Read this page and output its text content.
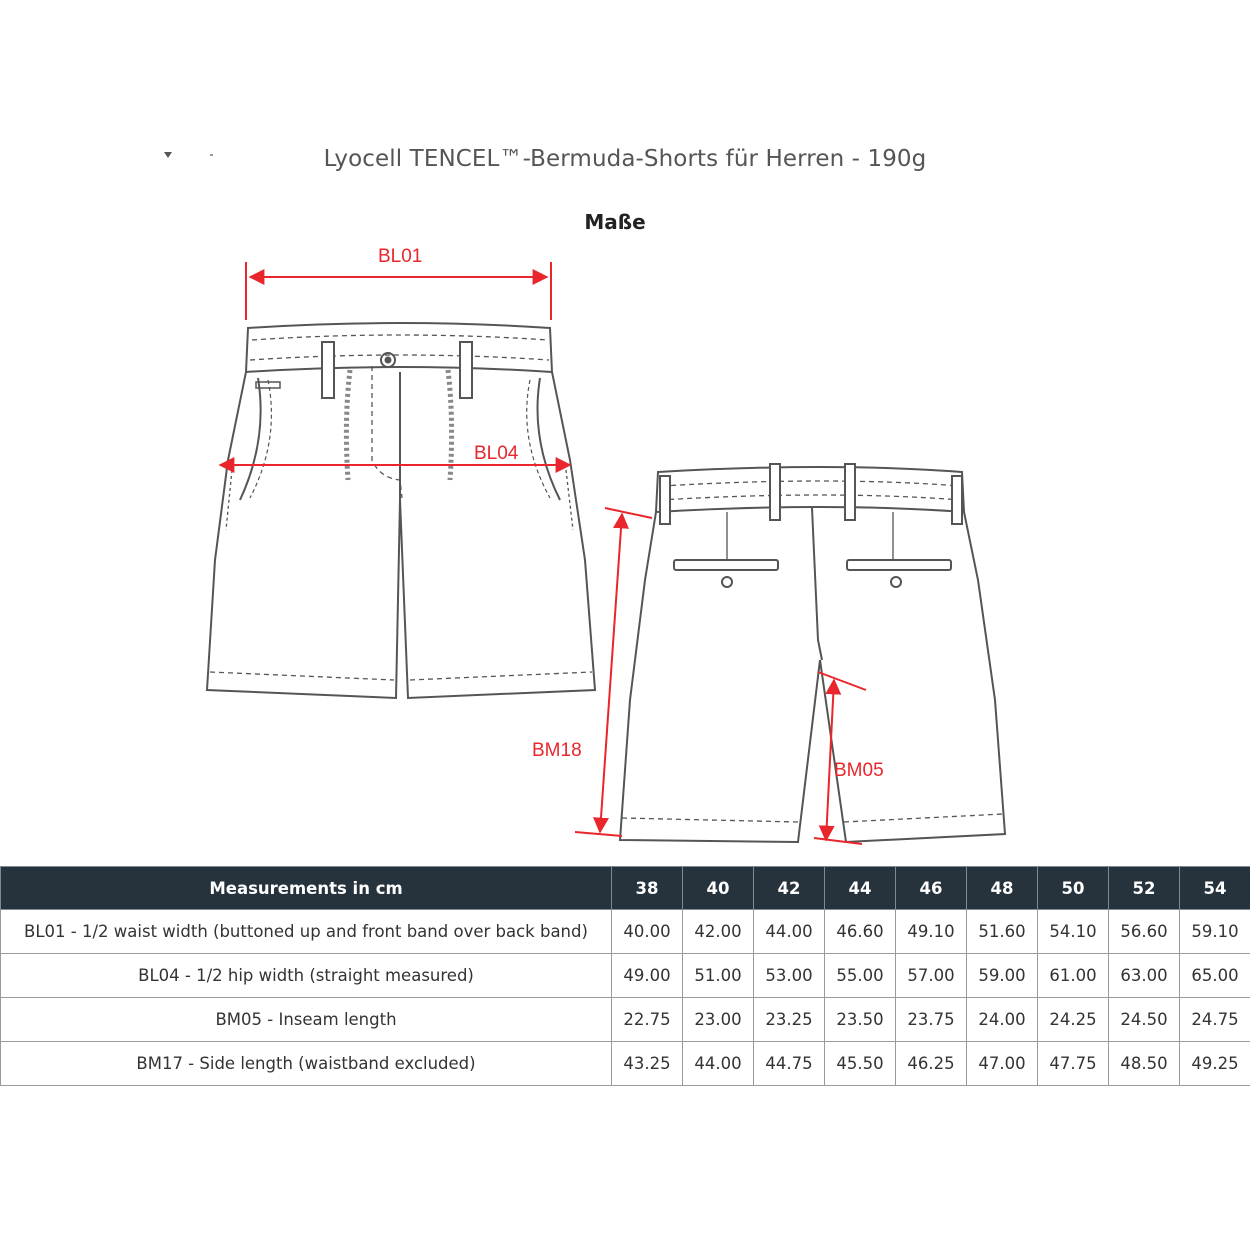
Lyocell TENCEL™-Bermuda-Shorts für Herren - 190g
Maße
BL01
BL04
BM18
BM05
Measurements in cm	38	40	42	44	46	48	50	52	54
BL01 - 1/2 waist width (buttoned up and front band over back band)	40.00	42.00	44.00	46.60	49.10	51.60	54.10	56.60	59.10
BL04 - 1/2 hip width (straight measured)	49.00	51.00	53.00	55.00	57.00	59.00	61.00	63.00	65.00
BM05 - Inseam length	22.75	23.00	23.25	23.50	23.75	24.00	24.25	24.50	24.75
BM17 - Side length (waistband excluded)	43.25	44.00	44.75	45.50	46.25	47.00	47.75	48.50	49.25
